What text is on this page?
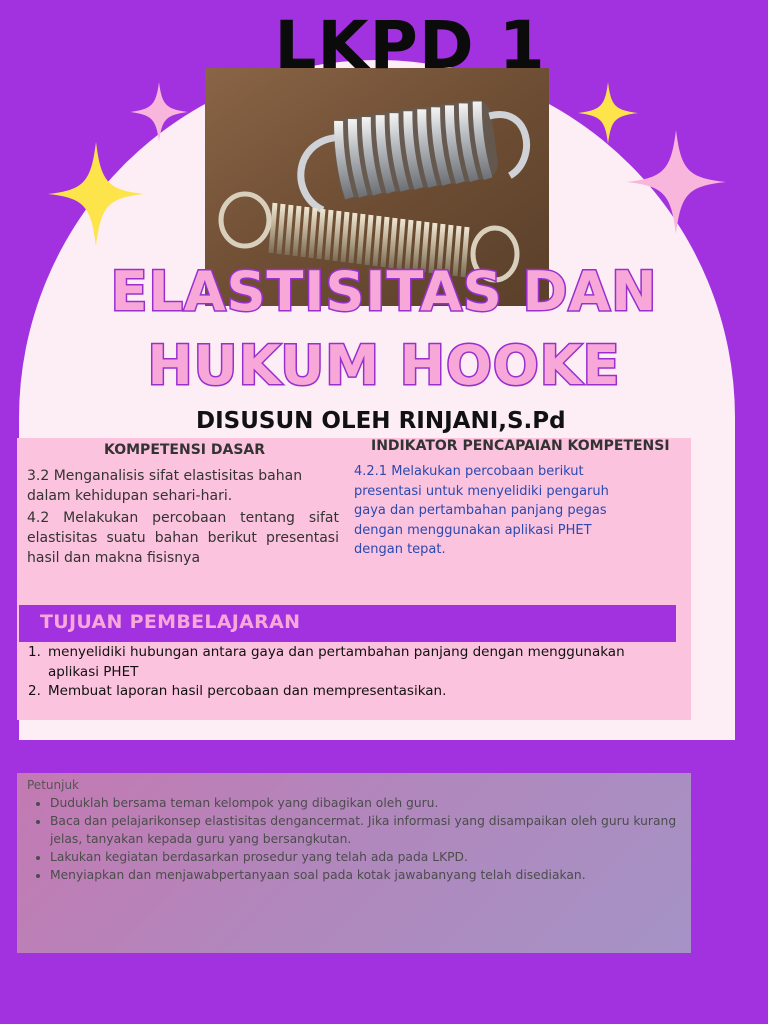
LKPD 1
ELASTISITAS DAN
HUKUM HOOKE
DISUSUN OLEH RINJANI,S.Pd
KOMPETENSI DASAR	INDIKATOR PENCAPAIAN KOMPETENSI

3.2 Menganalisis sifat elastisitas bahan dalam kehidupan sehari-hari.

4.2 Melakukan percobaan tentang sifat elastisitas suatu bahan berikut presentasi hasil dan makna fisisnya

4.2.1 Melakukan percobaan berikut presentasi untuk menyelidiki pengaruh gaya dan pertambahan panjang pegas dengan menggunakan aplikasi PHET dengan tepat.
TUJUAN PEMBELAJARAN
1. menyelidiki hubungan antara gaya dan pertambahan panjang dengan menggunakan aplikasi PHET
2. Membuat laporan hasil percobaan dan mempresentasikan.
Petunjuk
• Duduklah bersama teman kelompok yang dibagikan oleh guru.
• Baca dan pelajarikonsep elastisitas dengancermat. Jika informasi yang disampaikan oleh guru kurang jelas, tanyakan kepada guru yang bersangkutan.
• Lakukan kegiatan berdasarkan prosedur yang telah ada pada LKPD.
• Menyiapkan dan menjawabpertanyaan soal pada kotak jawabanyang telah disediakan.
